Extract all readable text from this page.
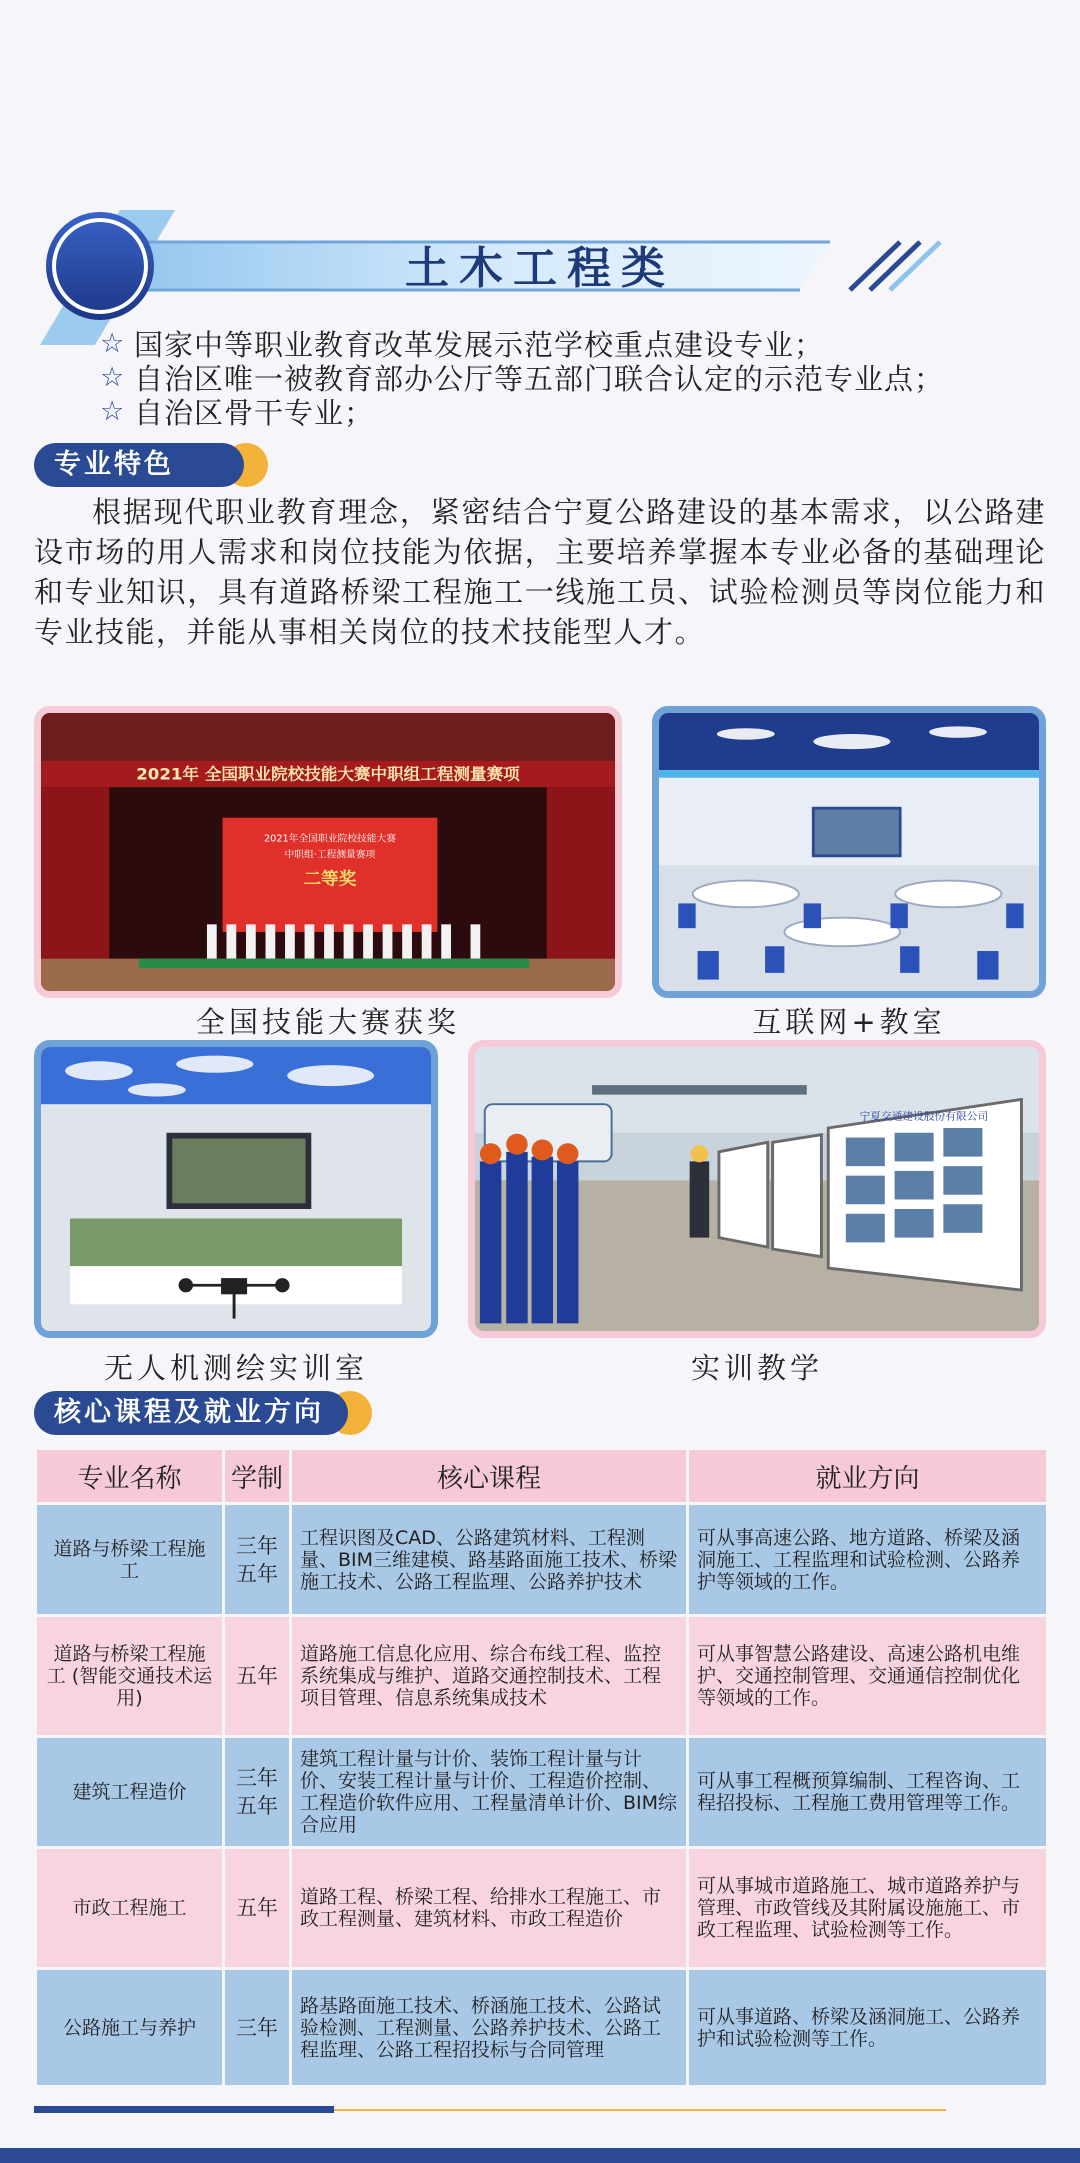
土木工程类
☆ 国家中等职业教育改革发展示范学校重点建设专业；
☆ 自治区唯一被教育部办公厅等五部门联合认定的示范专业点；
☆ 自治区骨干专业；
专业特色
根据现代职业教育理念，紧密结合宁夏公路建设的基本需求，以公路建设市场的用人需求和岗位技能为依据，主要培养掌握本专业必备的基础理论和专业知识，具有道路桥梁工程施工一线施工员、试验检测员等岗位能力和专业技能，并能从事相关岗位的技术技能型人才。
2021年 全国职业院校技能大赛中职组工程测量赛项
2021年全国职业院校技能大赛
中职组·工程测量赛项
二等奖
全国技能大赛获奖	互联网+教室
无人机测绘实训室
宁夏交通建设股份有限公司
实训教学
核心课程及就业方向
专业名称	学制	核心课程	就业方向
道路与桥梁工程施工	三年 五年	工程识图及CAD、公路建筑材料、工程测量、BIM三维建模、路基路面施工技术、桥梁施工技术、公路工程监理、公路养护技术	可从事高速公路、地方道路、桥梁及涵洞施工、工程监理和试验检测、公路养护等领域的工作。
道路与桥梁工程施工 (智能交通技术运用)	五年	道路施工信息化应用、综合布线工程、监控系统集成与维护、道路交通控制技术、工程项目管理、信息系统集成技术	可从事智慧公路建设、高速公路机电维护、交通控制管理、交通通信控制优化等领域的工作。
建筑工程造价	三年 五年	建筑工程计量与计价、装饰工程计量与计价、安装工程计量与计价、工程造价控制、工程造价软件应用、工程量清单计价、BIM综合应用	可从事工程概预算编制、工程咨询、工程招投标、工程施工费用管理等工作。
市政工程施工	五年	道路工程、桥梁工程、给排水工程施工、市政工程测量、建筑材料、市政工程造价	可从事城市道路施工、城市道路养护与管理、市政管线及其附属设施施工、市政工程监理、试验检测等工作。
公路施工与养护	三年	路基路面施工技术、桥涵施工技术、公路试验检测、工程测量、公路养护技术、公路工程监理、公路工程招投标与合同管理	可从事道路、桥梁及涵洞施工、公路养护和试验检测等工作。
